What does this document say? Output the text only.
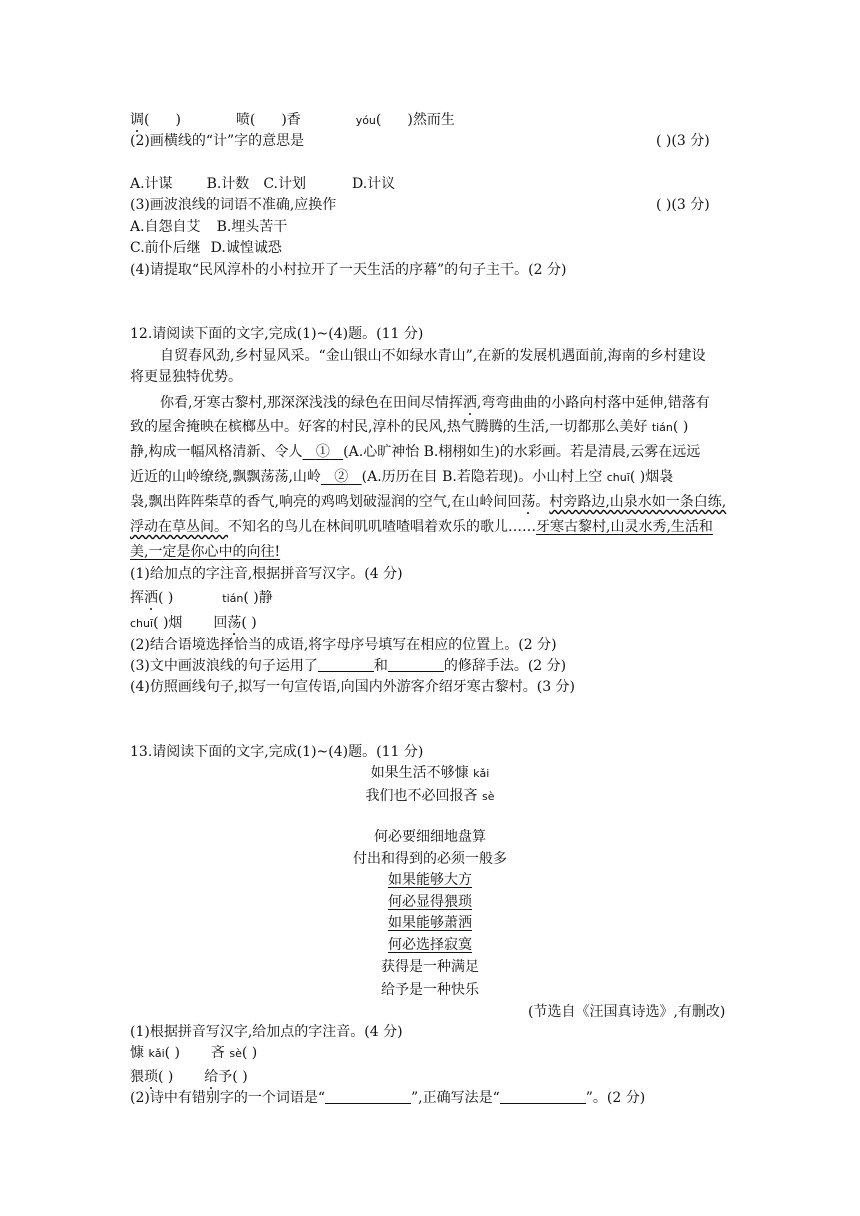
调( )	喷( )香	yóu( )然而生
(2)画横线的“计”字的意思是	( )(3 分)
A.计谋 B.计数 C.计划	D.计议
(3)画波浪线的词语不准确,应换作	( )(3 分)
A.自怨自艾 B.埋头苦干
C.前仆后继 D.诚惶诚恐
(4)请提取“民风淳朴的小村拉开了一天生活的序幕”的句子主干。(2 分)
12.请阅读下面的文字,完成(1)~(4)题。(11 分)
自贸春风劲,乡村显风采。“金山银山不如绿水青山”,在新的发展机遇面前,海南的乡村建设
将更显独特优势。
你看,牙寒古黎村,那深深浅浅的绿色在田间尽情挥洒,弯弯曲曲的小路向村落中延伸,错落有
致的屋舍掩映在槟榔丛中。好客的村民,淳朴的民风,热气腾腾的生活,一切都那么美好 tián( )
静,构成一幅风格清新、令人 ① (A.心旷神怡 B.栩栩如生)的水彩画。若是清晨,云雾在远远
近近的山岭缭绕,飘飘荡荡,山岭 ② (A.历历在目 B.若隐若现)。小山村上空 chuī( )烟袅
袅,飘出阵阵柴草的香气,响亮的鸡鸣划破湿润的空气,在山岭间回荡。村旁路边,山泉水如一条白练,
浮动在草丛间。不知名的鸟儿在林间叽叽喳喳唱着欢乐的歌儿……牙寒古黎村,山灵水秀,生活和
美,一定是你心中的向往!
(1)给加点的字注音,根据拼音写汉字。(4 分)
挥洒( )	tián( )静
chuī( )烟 回荡( )
(2)结合语境选择恰当的成语,将字母序号填写在相应的位置上。(2 分)
(3)文中画波浪线的句子运用了	和	的修辞手法。(2 分)
(4)仿照画线句子,拟写一句宣传语,向国内外游客介绍牙寒古黎村。(3 分)
13.请阅读下面的文字,完成(1)~(4)题。(11 分)
如果生活不够慷 kǎi
我们也不必回报吝 sè
何必要细细地盘算
付出和得到的必须一般多
如果能够大方
何必显得猥琐
如果能够萧洒
何必选择寂寞
获得是一种满足
给予是一种快乐
(节选自《汪国真诗选》,有删改)
(1)根据拼音写汉字,给加点的字注音。(4 分)
慷 kǎi( ) 吝 sè( )
猥琐( ) 给予( )
(2)诗中有错别字的一个词语是“	”,正确写法是“	”。(2 分)
